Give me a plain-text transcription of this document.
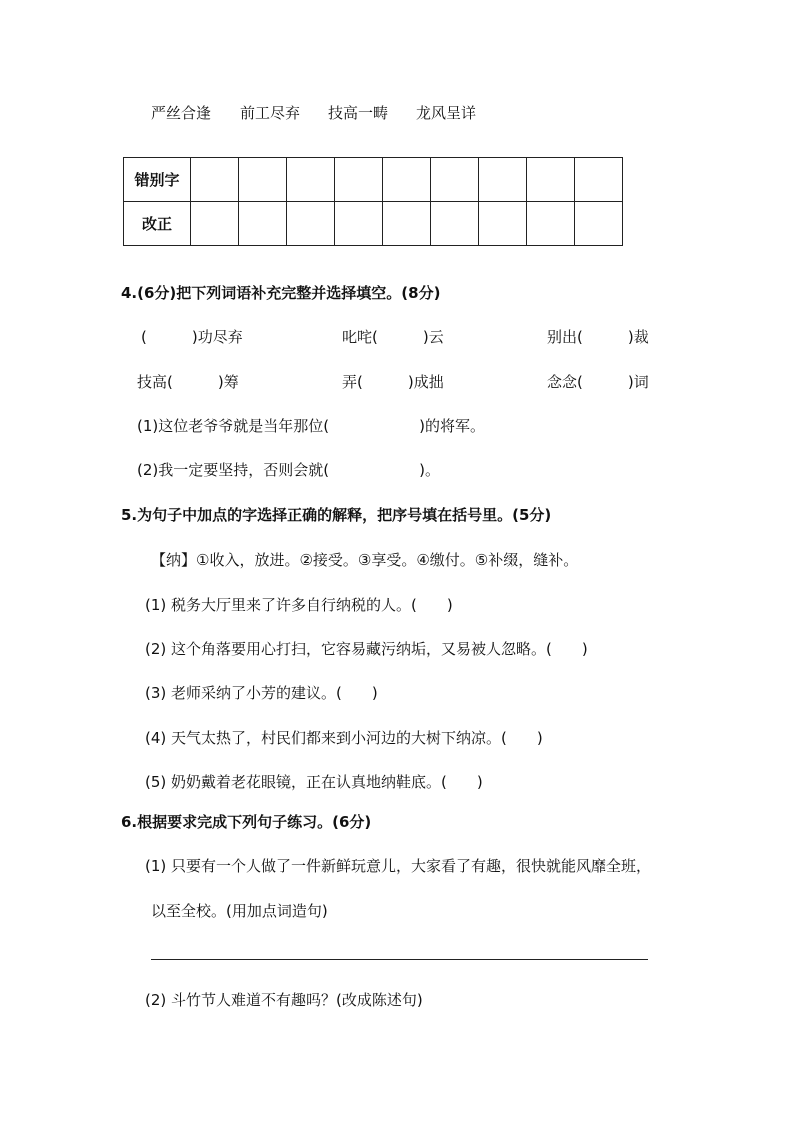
严丝合逢 前工尽弃 技高一畴 龙风呈详
错别字									
改正									
4.(6分)把下列词语补充完整并选择填空。(8分)
(　　　)功尽弃	叱咤(　　　)云	别出(　　　)裁
技高(　　　)筹	弄(　　　)成拙	念念(　　　)词
(1)这位老爷爷就是当年那位(　　　　　　)的将军。
(2)我一定要坚持，否则会就(　　　　　　)。
5.为句子中加点的字选择正确的解释，把序号填在括号里。(5分)
【纳】①收入，放进。②接受。③享受。④缴付。⑤补缀，缝补。
(1) 税务大厅里来了许多自行纳税的人。(　　)
(2) 这个角落要用心打扫，它容易藏污纳垢，又易被人忽略。(　　)
(3) 老师采纳了小芳的建议。(　　)
(4) 天气太热了，村民们都来到小河边的大树下纳凉。(　　)
(5) 奶奶戴着老花眼镜，正在认真地纳鞋底。(　　)
6.根据要求完成下列句子练习。(6分)
(1) 只要有一个人做了一件新鲜玩意儿，大家看了有趣，很快就能风靡全班，
以至全校。(用加点词造句)
(2) 斗竹节人难道不有趣吗？(改成陈述句)
